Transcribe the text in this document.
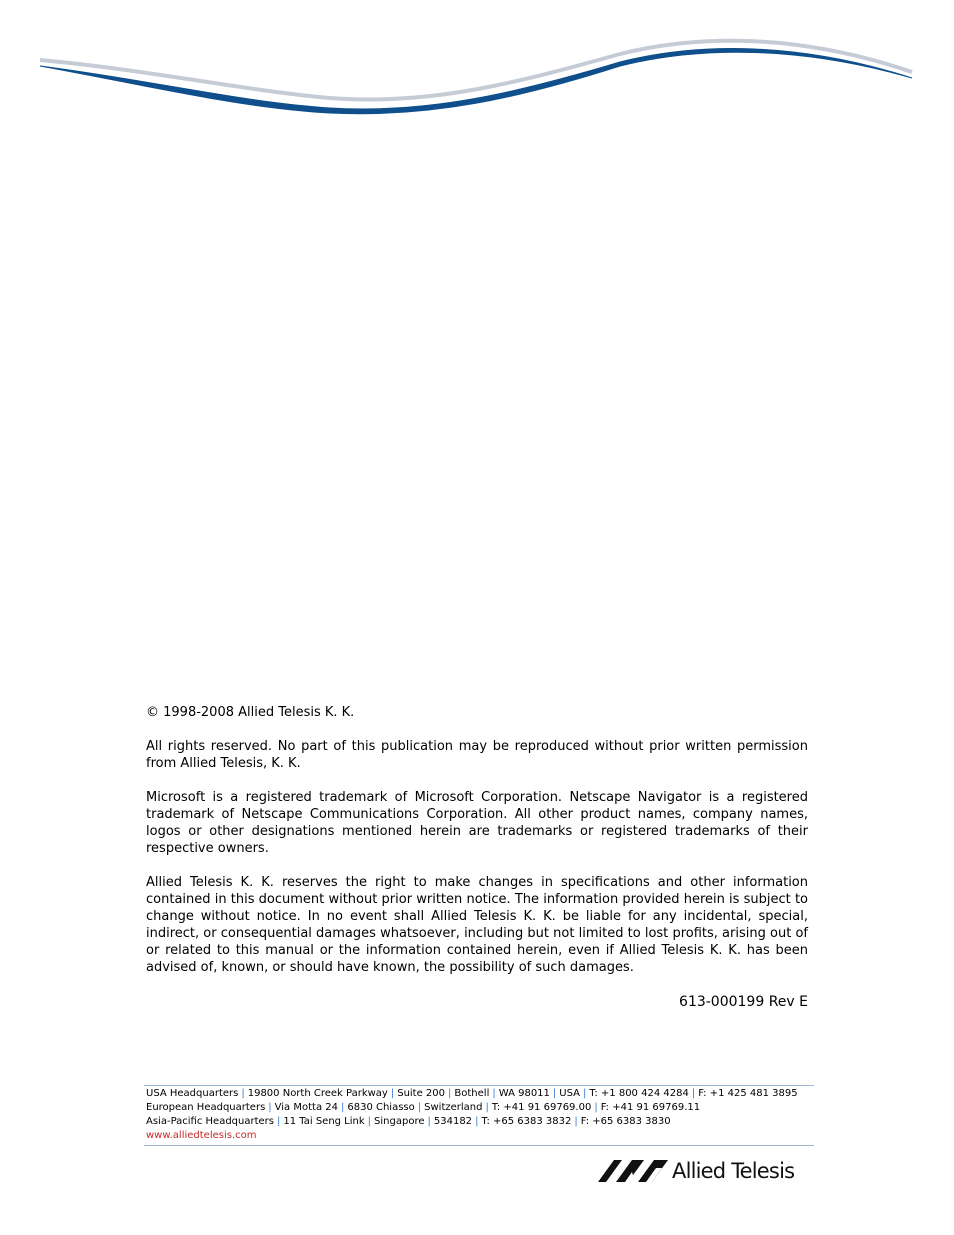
© 1998-2008 Allied Telesis K. K.

All rights reserved. No part of this publication may be reproduced without prior written permission from Allied Telesis, K. K.

Microsoft is a registered trademark of Microsoft Corporation. Netscape Navigator is a registered trademark of Netscape Communications Corporation. All other product names, company names, logos or other designations mentioned herein are trademarks or registered trademarks of their respective owners.

Allied Telesis K. K. reserves the right to make changes in specifications and other information contained in this document without prior written notice. The information provided herein is subject to change without notice. In no event shall Allied Telesis K. K. be liable for any incidental, special, indirect, or consequential damages whatsoever, including but not limited to lost profits, arising out of or related to this manual or the information contained herein, even if Allied Telesis K. K. has been advised of, known, or should have known, the possibility of such damages.

613-000199 Rev E
USA Headquarters | 19800 North Creek Parkway | Suite 200 | Bothell | WA 98011 | USA | T: +1 800 424 4284 | F: +1 425 481 3895
European Headquarters | Via Motta 24 | 6830 Chiasso | Switzerland | T: +41 91 69769.00 | F: +41 91 69769.11
Asia-Pacific Headquarters | 11 Tai Seng Link | Singapore | 534182 | T: +65 6383 3832 | F: +65 6383 3830
www.alliedtelesis.com
Allied Telesis
